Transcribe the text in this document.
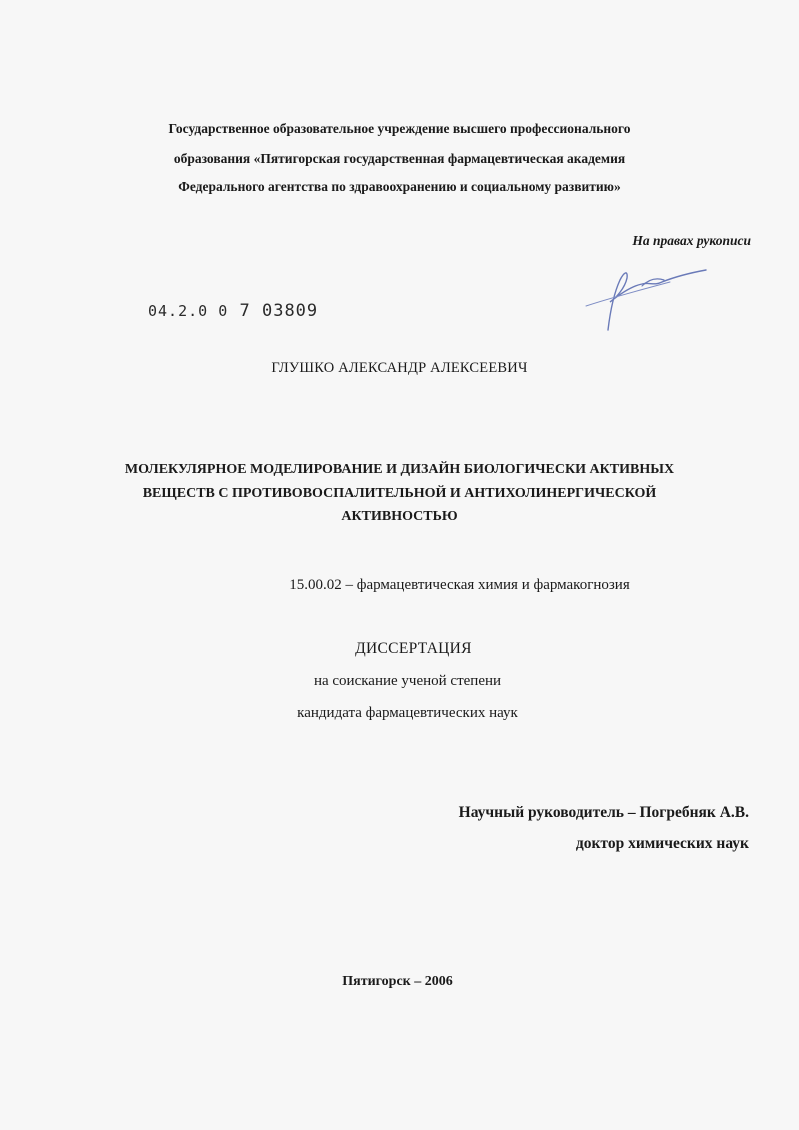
Государственное образовательное учреждение высшего профессионального
образования «Пятигорская государственная фармацевтическая академия
Федерального агентства по здравоохранению и социальному развитию»
На правах рукописи
04.2.0 0 7 03809
ГЛУШКО АЛЕКСАНДР АЛЕКСЕЕВИЧ
МОЛЕКУЛЯРНОЕ МОДЕЛИРОВАНИЕ И ДИЗАЙН БИОЛОГИЧЕСКИ АКТИВНЫХ
ВЕЩЕСТВ С ПРОТИВОВОСПАЛИТЕЛЬНОЙ И АНТИХОЛИНЕРГИЧЕСКОЙ
АКТИВНОСТЬЮ
15.00.02 – фармацевтическая химия и фармакогнозия
ДИССЕРТАЦИЯ
на соискание ученой степени
кандидата фармацевтических наук
Научный руководитель – Погребняк А.В.
доктор химических наук
Пятигорск – 2006
